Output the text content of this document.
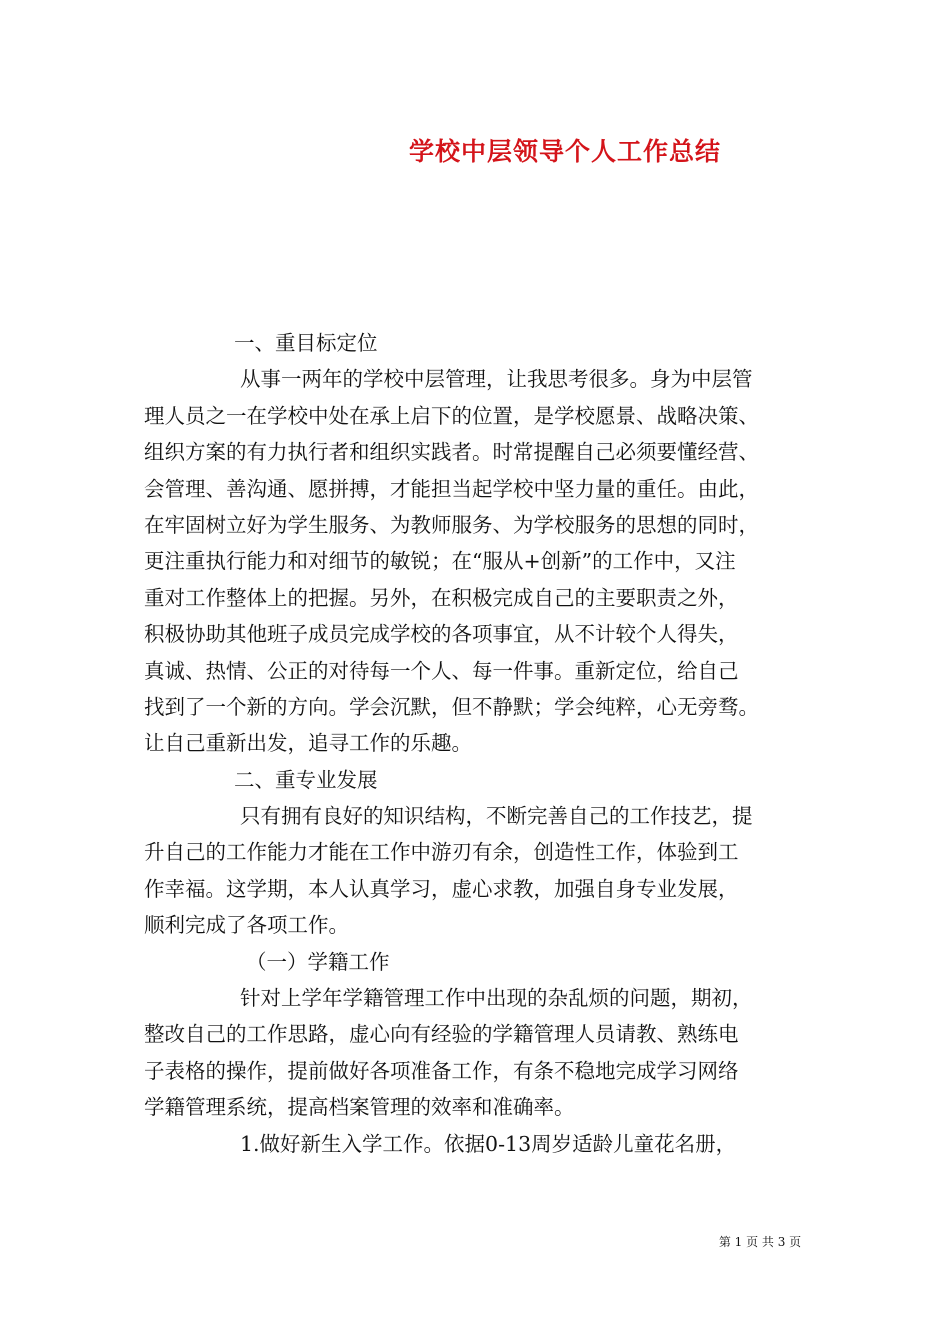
学校中层领导个人工作总结

一、重目标定位

从事一两年的学校中层管理，让我思考很多。身为中层管

理人员之一在学校中处在承上启下的位置，是学校愿景、战略决策、

组织方案的有力执行者和组织实践者。时常提醒自己必须要懂经营、

会管理、善沟通、愿拼搏，才能担当起学校中坚力量的重任。由此，

在牢固树立好为学生服务、为教师服务、为学校服务的思想的同时，

更注重执行能力和对细节的敏锐；在“服从+创新”的工作中，又注

重对工作整体上的把握。另外，在积极完成自己的主要职责之外，

积极协助其他班子成员完成学校的各项事宜，从不计较个人得失，

真诚、热情、公正的对待每一个人、每一件事。重新定位，给自己

找到了一个新的方向。学会沉默，但不静默；学会纯粹，心无旁骛。

让自己重新出发，追寻工作的乐趣。

二、重专业发展

只有拥有良好的知识结构，不断完善自己的工作技艺，提

升自己的工作能力才能在工作中游刃有余，创造性工作，体验到工

作幸福。这学期，本人认真学习，虚心求教，加强自身专业发展，

顺利完成了各项工作。

（一）学籍工作

针对上学年学籍管理工作中出现的杂乱烦的问题，期初，

整改自己的工作思路，虚心向有经验的学籍管理人员请教、熟练电

子表格的操作，提前做好各项准备工作，有条不稳地完成学习网络

学籍管理系统，提高档案管理的效率和准确率。

1.做好新生入学工作。依据0-13周岁适龄儿童花名册，

第 1 页 共 3 页
